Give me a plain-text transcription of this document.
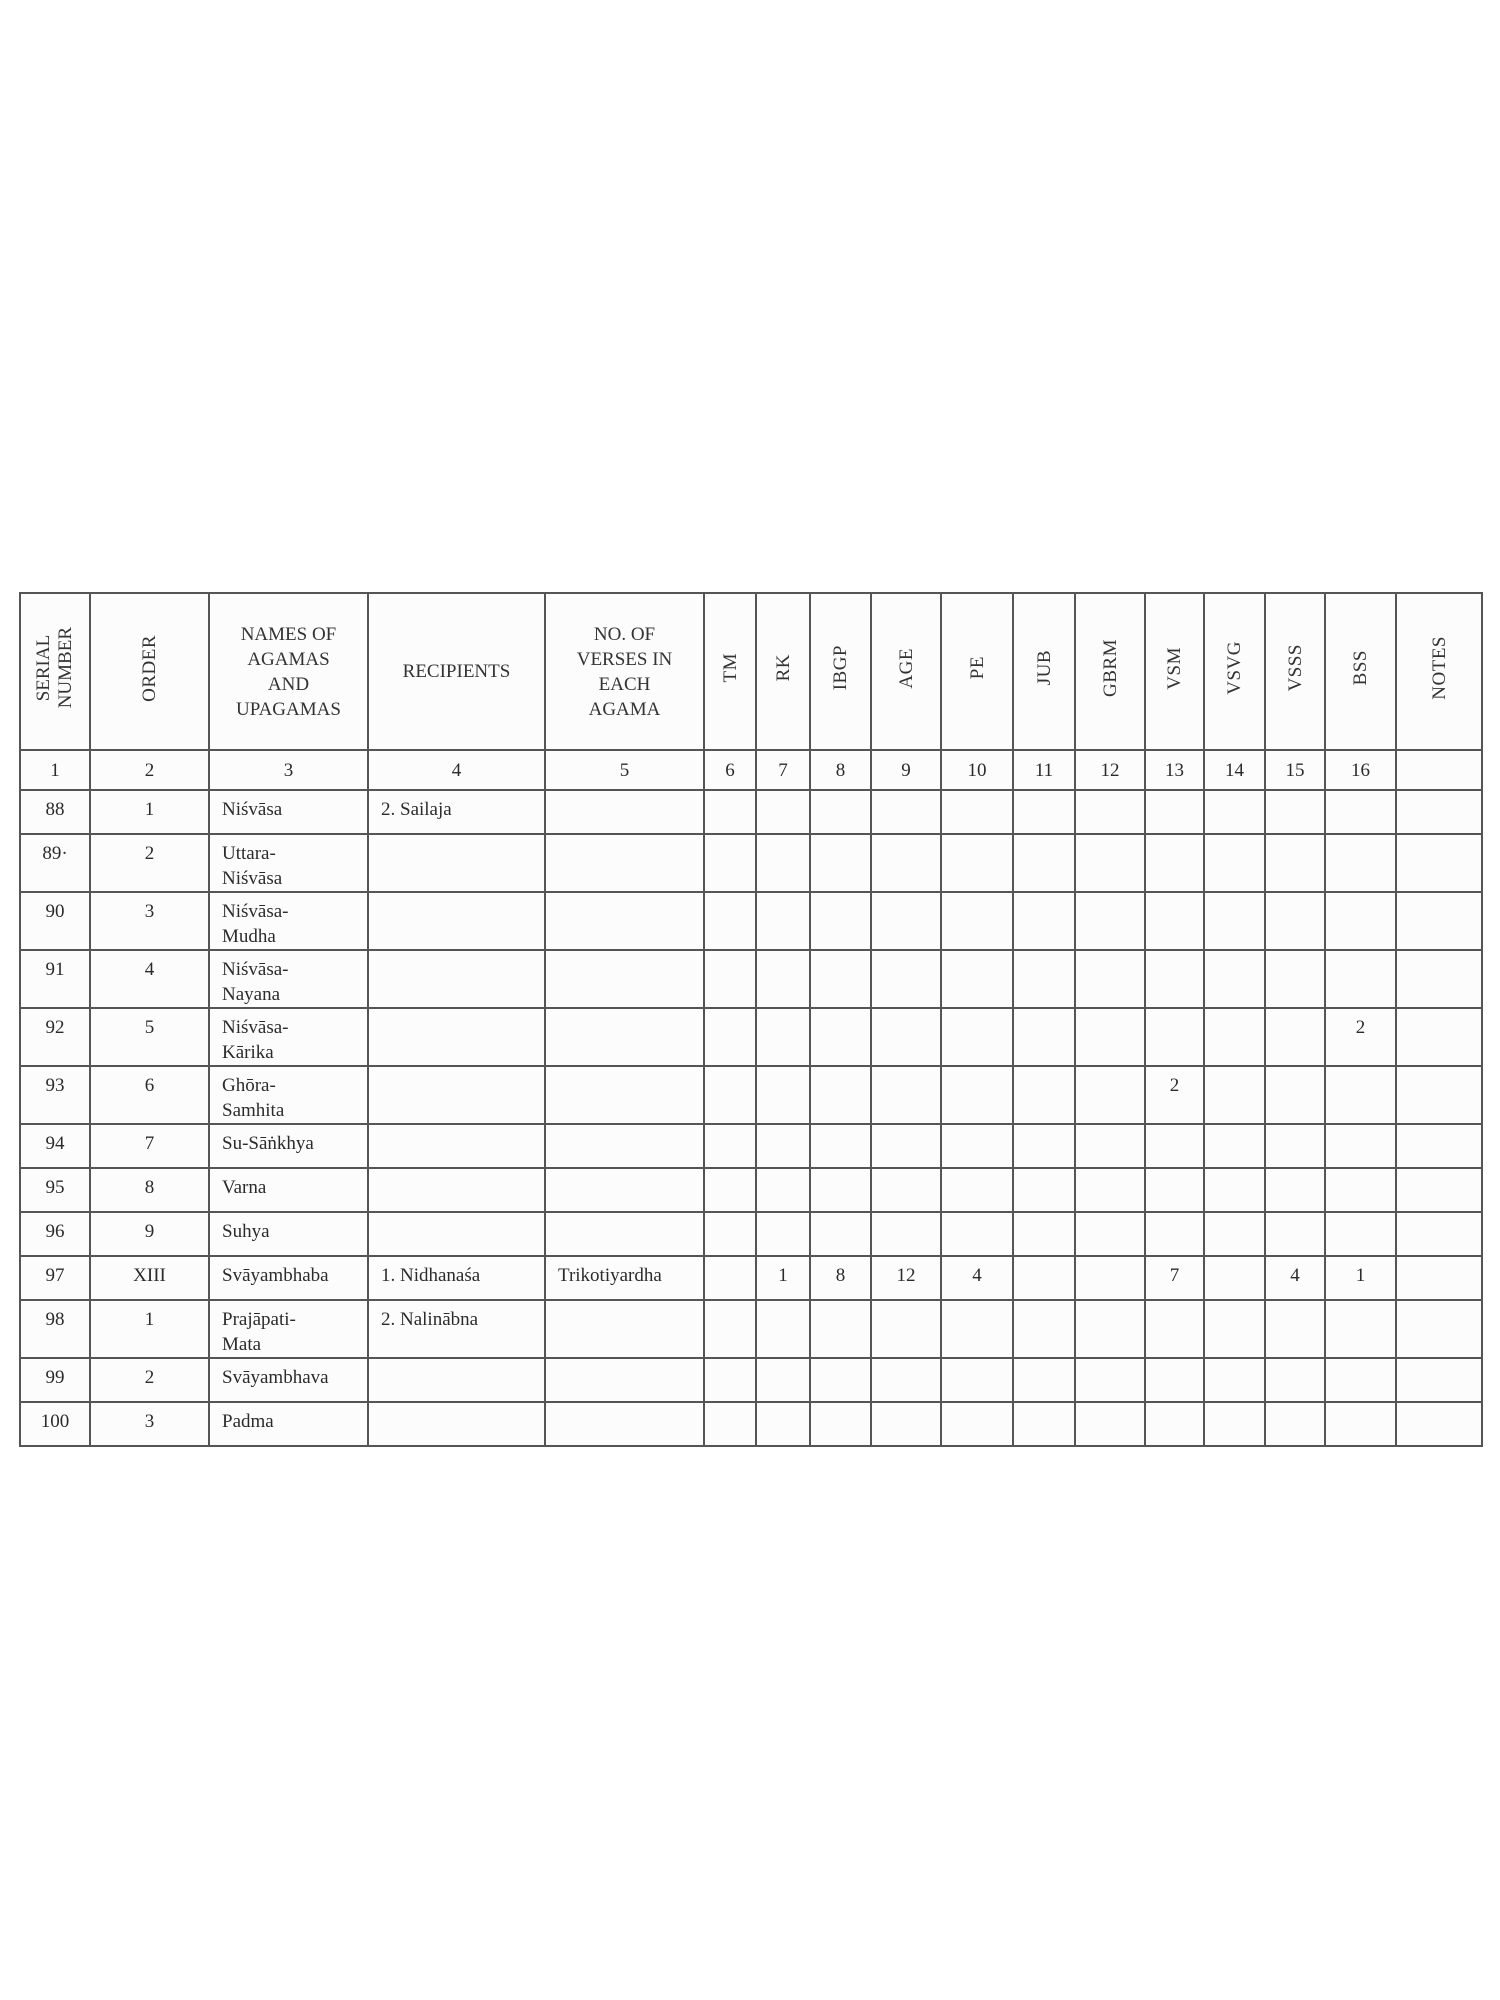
SERIAL
NUMBER	ORDER	NAMES OF
AGAMAS
AND
UPAGAMAS	RECIPIENTS	NO. OF
VERSES IN
EACH
AGAMA	TM	RK	IBGP	AGE	PE	JUB	GBRM	VSM	VSVG	VSSS	BSS	NOTES
1	2	3	4	5	6	7	8	9	10	11	12	13	14	15	16	
88	1	Niśvāsa	2. Sailaja													
89·	2	Uttara-
Niśvāsa														
90	3	Niśvāsa-
Mudha														
91	4	Niśvāsa-
Nayana														
92	5	Niśvāsa-
Kārika													2	
93	6	Ghōra-
Samhita										2				
94	7	Su-Sāṅkhya														
95	8	Varna														
96	9	Suhya														
97	XIII	Svāyambhaba	1. Nidhanaśa	Trikotiyardha		1	8	12	4			7		4	1	
98	1	Prajāpati-
Mata	2. Nalinābna													
99	2	Svāyambhava														
100	3	Padma														
